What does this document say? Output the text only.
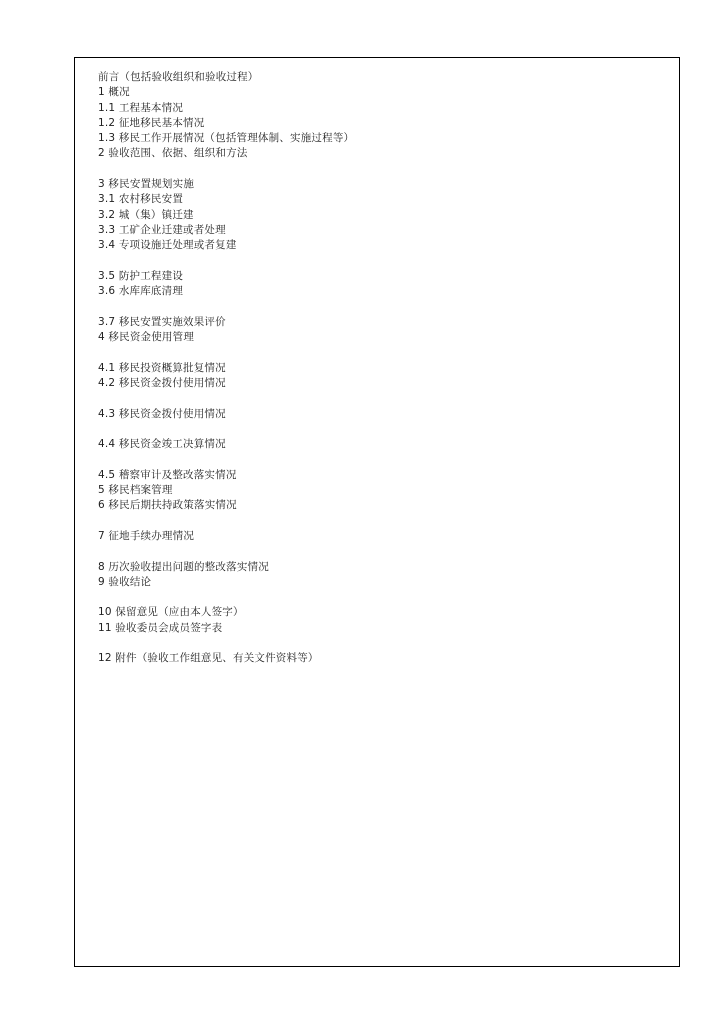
前言（包括验收组织和验收过程）
1 概况
1.1 工程基本情况
1.2 征地移民基本情况
1.3 移民工作开展情况（包括管理体制、实施过程等）
2 验收范围、依据、组织和方法
3 移民安置规划实施
3.1 农村移民安置
3.2 城（集）镇迁建
3.3 工矿企业迁建或者处理
3.4 专项设施迁处理或者复建
3.5 防护工程建设
3.6 水库库底清理
3.7 移民安置实施效果评价
4 移民资金使用管理
4.1 移民投资概算批复情况
4.2 移民资金拨付使用情况
4.3 移民资金拨付使用情况
4.4 移民资金竣工决算情况
4.5 稽察审计及整改落实情况
5 移民档案管理
6 移民后期扶持政策落实情况
7 征地手续办理情况
8 历次验收提出问题的整改落实情况
9 验收结论
10 保留意见（应由本人签字）
11 验收委员会成员签字表
12 附件（验收工作组意见、有关文件资料等）
